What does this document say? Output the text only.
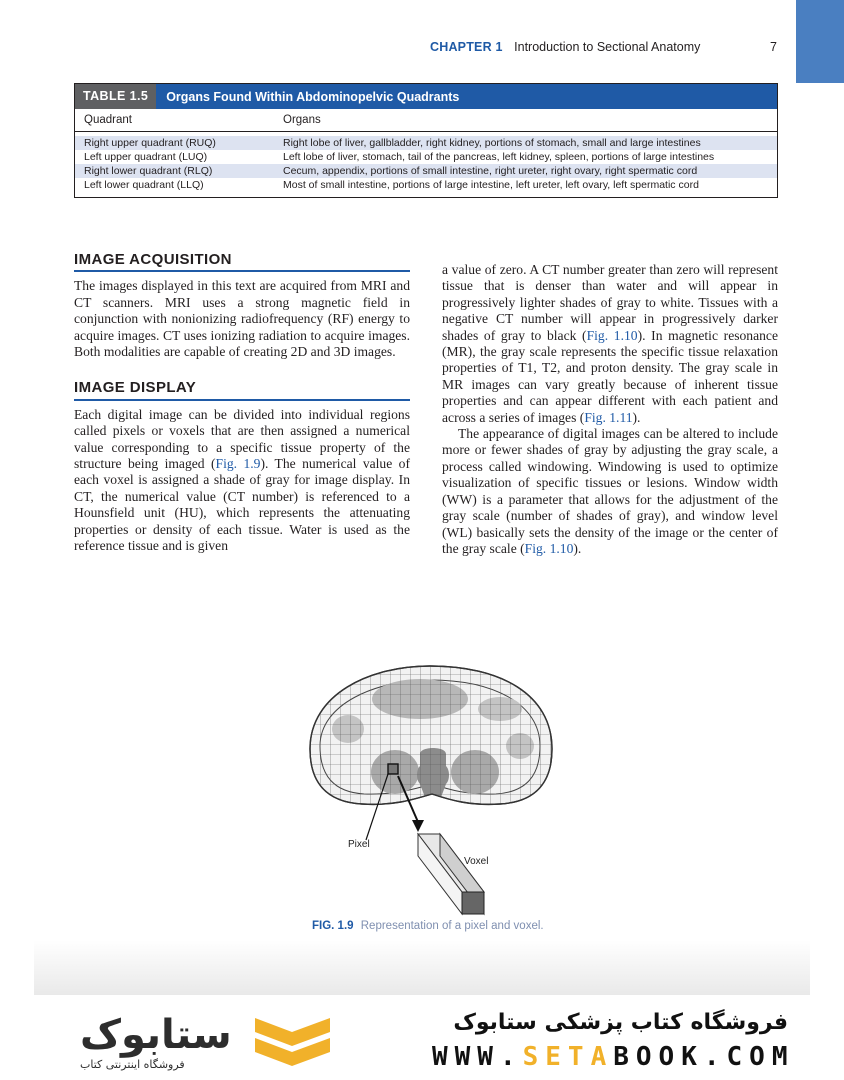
CHAPTER 1 Introduction to Sectional Anatomy	7
TABLE 1.5	Organs Found Within Abdominopelvic Quadrants
Quadrant	Organs
Right upper quadrant (RUQ)	Right lobe of liver, gallbladder, right kidney, portions of stomach, small and large intestines
Left upper quadrant (LUQ)	Left lobe of liver, stomach, tail of the pancreas, left kidney, spleen, portions of large intestines
Right lower quadrant (RLQ)	Cecum, appendix, portions of small intestine, right ureter, right ovary, right spermatic cord
Left lower quadrant (LLQ)	Most of small intestine, portions of large intestine, left ureter, left ovary, left spermatic cord
IMAGE ACQUISITION

The images displayed in this text are acquired from MRI and CT scanners. MRI uses a strong magnetic field in conjunction with nonionizing radiofrequency (RF) energy to acquire images. CT uses ionizing radiation to acquire images. Both modalities are capable of creating 2D and 3D images.

IMAGE DISPLAY

Each digital image can be divided into individual regions called pixels or voxels that are then assigned a numerical value corresponding to a specific tissue property of the structure being imaged (Fig. 1.9). The numerical value of each voxel is assigned a shade of gray for image display. In CT, the numerical value (CT number) is referenced to a Hounsfield unit (HU), which represents the attenuating properties or density of each tissue. Water is used as the reference tissue and is given

a value of zero. A CT number greater than zero will represent tissue that is denser than water and will appear in progressively lighter shades of gray to white. Tissues with a negative CT number will appear in progressively darker shades of gray to black (Fig. 1.10). In magnetic resonance (MR), the gray scale represents the specific tissue relaxation properties of T1, T2, and proton density. The gray scale in MR images can vary greatly because of inherent tissue properties and can appear different with each patient and across a series of images (Fig. 1.11).

The appearance of digital images can be altered to include more or fewer shades of gray by adjusting the gray scale, a process called windowing. Windowing is used to optimize visualization of specific tissues or lesions. Window width (WW) is a parameter that allows for the adjustment of the gray scale (number of shades of gray), and window level (WL) basically sets the density of the image or the center of the gray scale (Fig. 1.10).

Pixel
Voxel
FIG. 1.9 Representation of a pixel and voxel.
ستابوک
فروشگاه اینترنتی کتاب
فروشگاه کتاب پزشکی ستابوک
WWW.SETABOOK.COM
